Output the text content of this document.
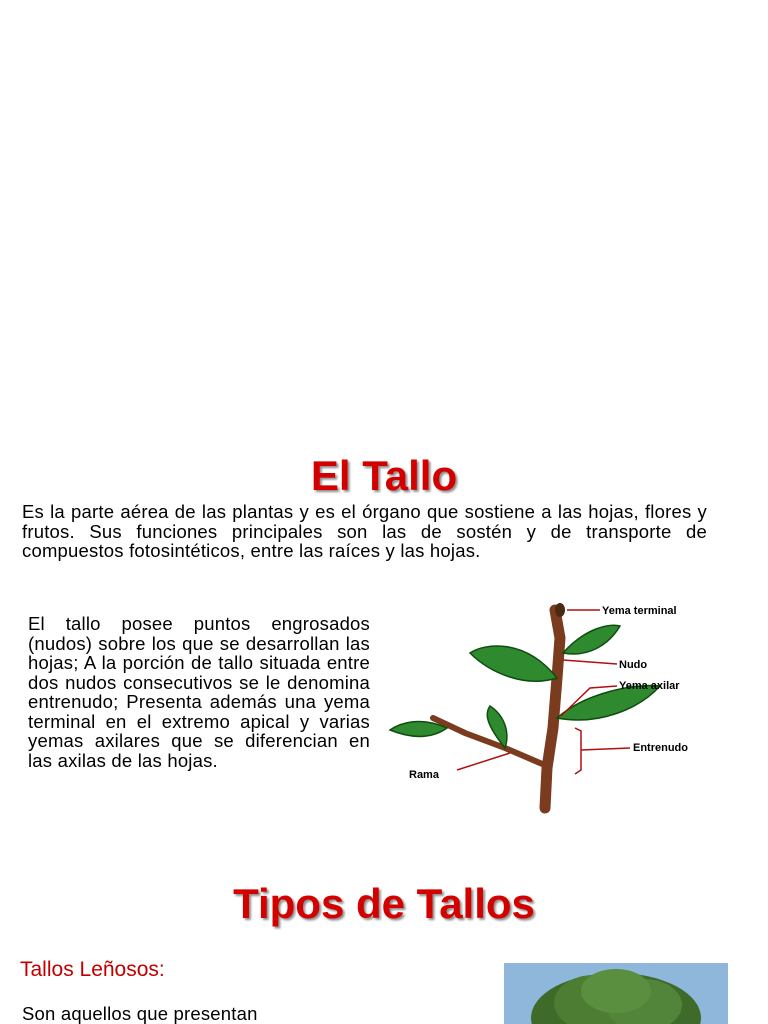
El Tallo

Es la parte aérea de las plantas y es el órgano que sostiene a las hojas, flores y frutos. Sus funciones principales son las de sostén y de transporte de compuestos fotosintéticos, entre las raíces y las hojas.

El tallo posee puntos engrosados (nudos) sobre los que se desarrollan las hojas; A la porción de tallo situada entre dos nudos consecutivos se le denomina entrenudo; Presenta además una yema terminal en el extremo apical y varias yemas axilares que se diferencian en las axilas de las hojas.

Yema terminal
Nudo
Yema axilar
Entrenudo
Rama
Tipos de Tallos

Tallos Leñosos:

Son aquellos que presentan
